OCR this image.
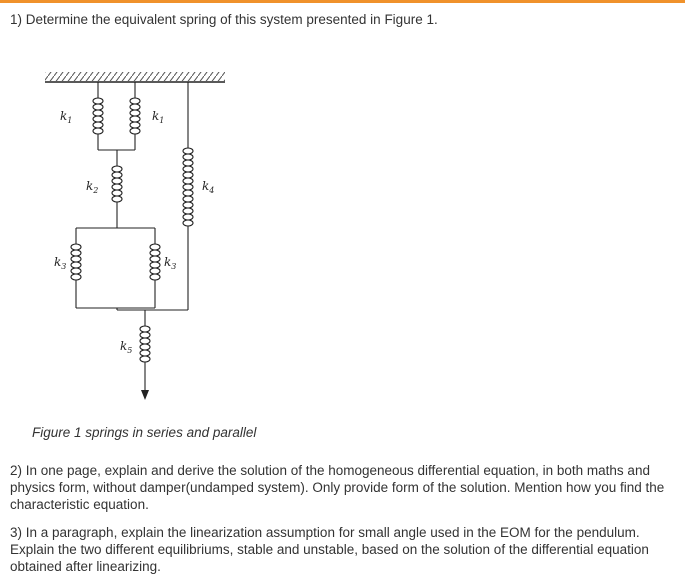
1) Determine the equivalent spring of this system presented in Figure 1.
$k_1$	$k_1$
$k_2$	$k_4$
$k_3$	$k_3$
$k_5$
Figure 1 springs in series and parallel
2) In one page, explain and derive the solution of the homogeneous differential equation, in both maths and physics form, without damper(undamped system). Only provide form of the solution. Mention how you find the characteristic equation.
3) In a paragraph, explain the linearization assumption for small angle used in the EOM for the pendulum. Explain the two different equilibriums, stable and unstable, based on the solution of the differential equation obtained after linearizing.
